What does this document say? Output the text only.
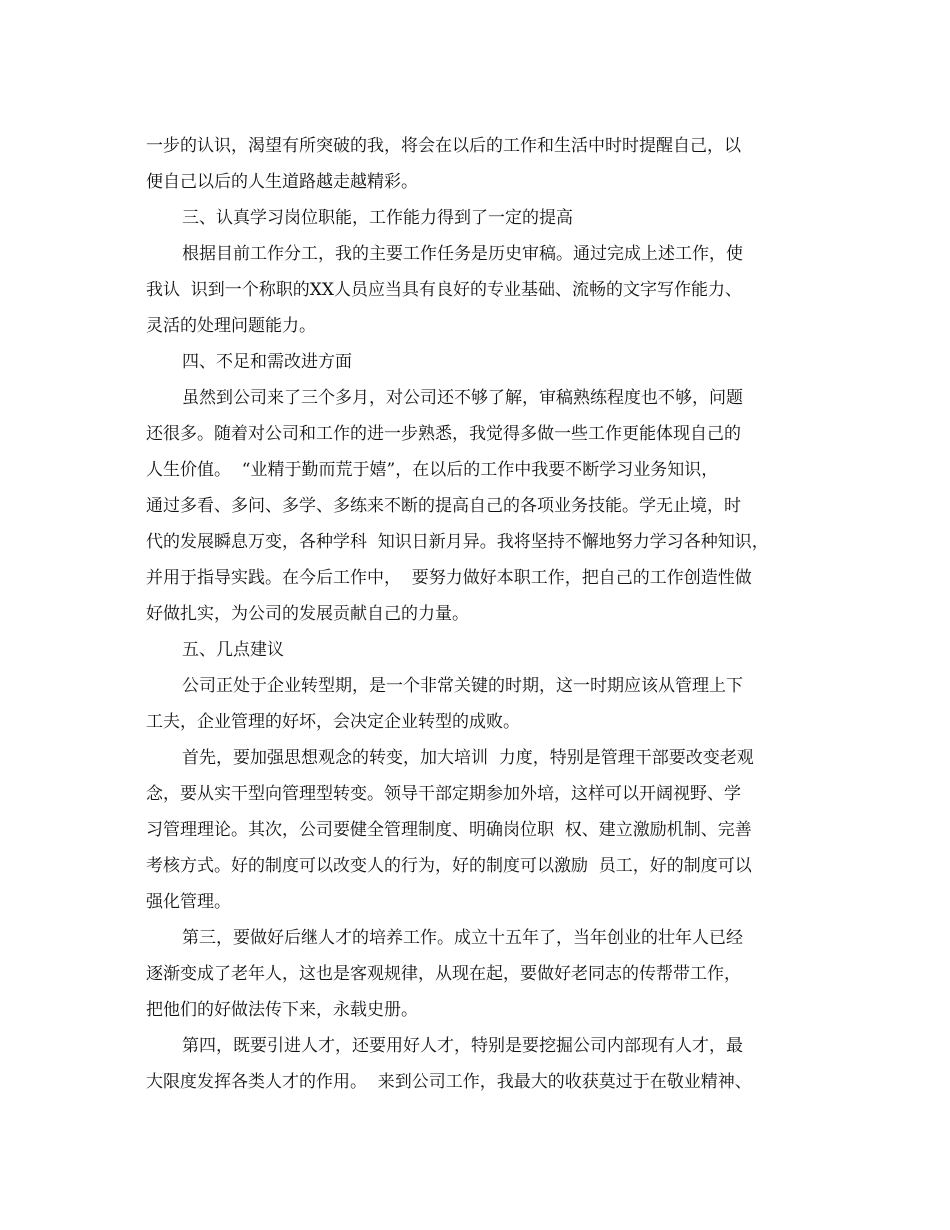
一步的认识，渴望有所突破的我，将会在以后的工作和生活中时时提醒自己，以
便自己以后的人生道路越走越精彩。
三、认真学习岗位职能，工作能力得到了一定的提高
根据目前工作分工，我的主要工作任务是历史审稿。通过完成上述工作，使
我认  识到一个称职的XX人员应当具有良好的专业基础、流畅的文字写作能力、
灵活的处理问题能力。
四、不足和需改进方面
虽然到公司来了三个多月，对公司还不够了解，审稿熟练程度也不够，问题
还很多。随着对公司和工作的进一步熟悉，我觉得多做一些工作更能体现自己的
人生价值。  “业精于勤而荒于嬉”，在以后的工作中我要不断学习业务知识，
通过多看、多问、多学、多练来不断的提高自己的各项业务技能。学无止境，时
代的发展瞬息万变，各种学科  知识日新月异。我将坚持不懈地努力学习各种知识，
并用于指导实践。在今后工作中，  要努力做好本职工作，把自己的工作创造性做
好做扎实，为公司的发展贡献自己的力量。
五、几点建议
公司正处于企业转型期，是一个非常关键的时期，这一时期应该从管理上下
工夫，企业管理的好坏，会决定企业转型的成败。
首先，要加强思想观念的转变，加大培训  力度，特别是管理干部要改变老观
念，要从实干型向管理型转变。领导干部定期参加外培，这样可以开阔视野、学
习管理理论。其次，公司要健全管理制度、明确岗位职  权、建立激励机制、完善
考核方式。好的制度可以改变人的行为，好的制度可以激励  员工，好的制度可以
强化管理。
第三，要做好后继人才的培养工作。成立十五年了，当年创业的壮年人已经
逐渐变成了老年人，这也是客观规律，从现在起，要做好老同志的传帮带工作，
把他们的好做法传下来，永载史册。
第四，既要引进人才，还要用好人才，特别是要挖掘公司内部现有人才，最
大限度发挥各类人才的作用。  来到公司工作，我最大的收获莫过于在敬业精神、
